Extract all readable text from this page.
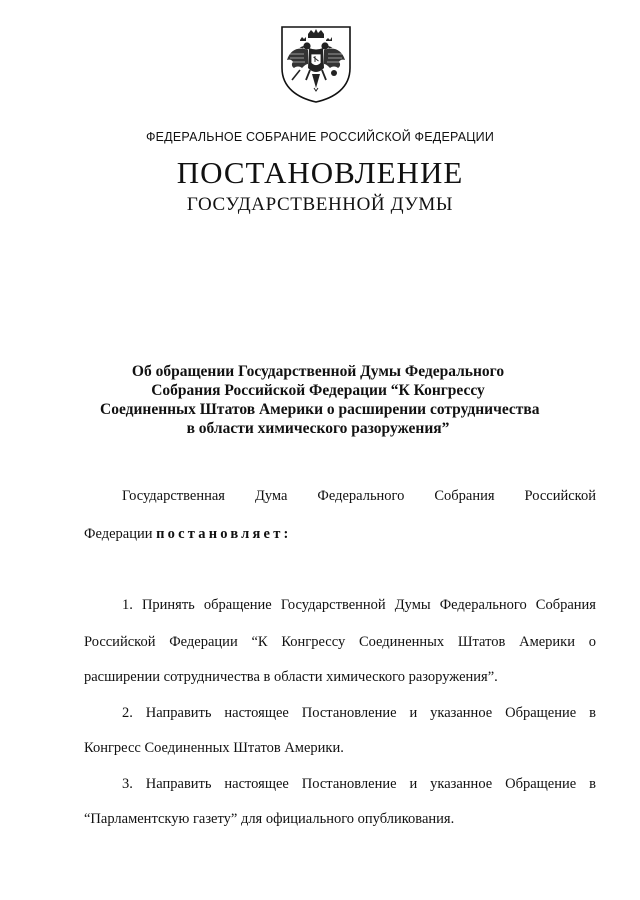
ФЕДЕРАЛЬНОЕ СОБРАНИЕ РОССИЙСКОЙ ФЕДЕРАЦИИ
ПОСТАНОВЛЕНИЕ
ГОСУДАРСТВЕННОЙ ДУМЫ
Об обращении Государственной Думы Федерального
Собрания Российской Федерации “К Конгрессу
Соединенных Штатов Америки о расширении сотрудничества
в области химического разоружения”
Государственная Дума Федерального Собрания Российской
Федерации постановляет:
1. Принять обращение Государственной Думы Федерального Собрания
Российской Федерации “К Конгрессу Соединенных Штатов Америки о
расширении сотрудничества в области химического разоружения”.
2. Направить настоящее Постановление и указанное Обращение в
Конгресс Соединенных Штатов Америки.
3. Направить настоящее Постановление и указанное Обращение в
“Парламентскую газету” для официального опубликования.
